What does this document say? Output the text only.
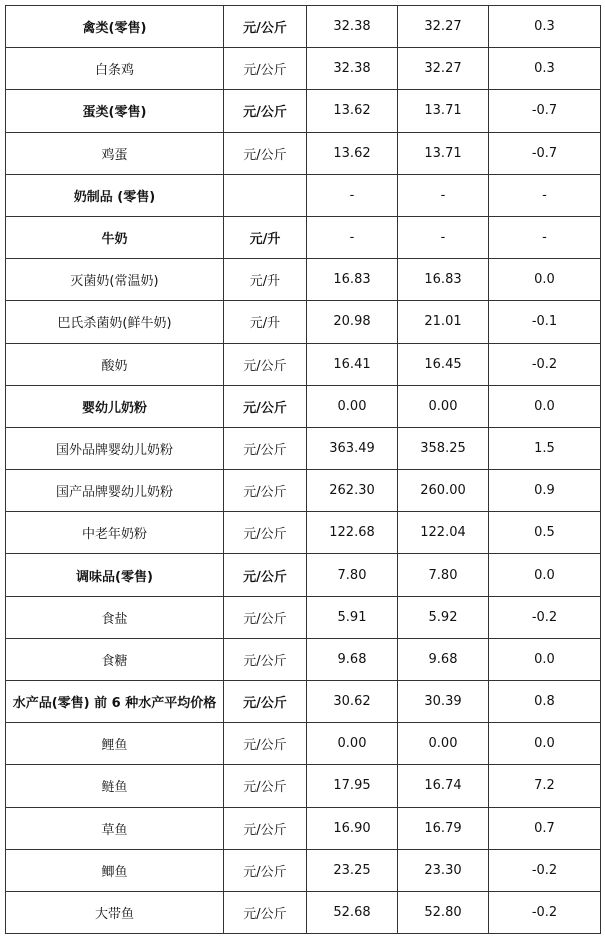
禽类(零售)	元/公斤	32.38	32.27	0.3
白条鸡	元/公斤	32.38	32.27	0.3
蛋类(零售)	元/公斤	13.62	13.71	-0.7
鸡蛋	元/公斤	13.62	13.71	-0.7
奶制品 (零售)		-	-	-
牛奶	元/升	-	-	-
灭菌奶(常温奶)	元/升	16.83	16.83	0.0
巴氏杀菌奶(鲜牛奶)	元/升	20.98	21.01	-0.1
酸奶	元/公斤	16.41	16.45	-0.2
婴幼儿奶粉	元/公斤	0.00	0.00	0.0
国外品牌婴幼儿奶粉	元/公斤	363.49	358.25	1.5
国产品牌婴幼儿奶粉	元/公斤	262.30	260.00	0.9
中老年奶粉	元/公斤	122.68	122.04	0.5
调味品(零售)	元/公斤	7.80	7.80	0.0
食盐	元/公斤	5.91	5.92	-0.2
食糖	元/公斤	9.68	9.68	0.0
水产品(零售) 前 6 种水产平均价格	元/公斤	30.62	30.39	0.8
鲤鱼	元/公斤	0.00	0.00	0.0
鲢鱼	元/公斤	17.95	16.74	7.2
草鱼	元/公斤	16.90	16.79	0.7
鲫鱼	元/公斤	23.25	23.30	-0.2
大带鱼	元/公斤	52.68	52.80	-0.2
